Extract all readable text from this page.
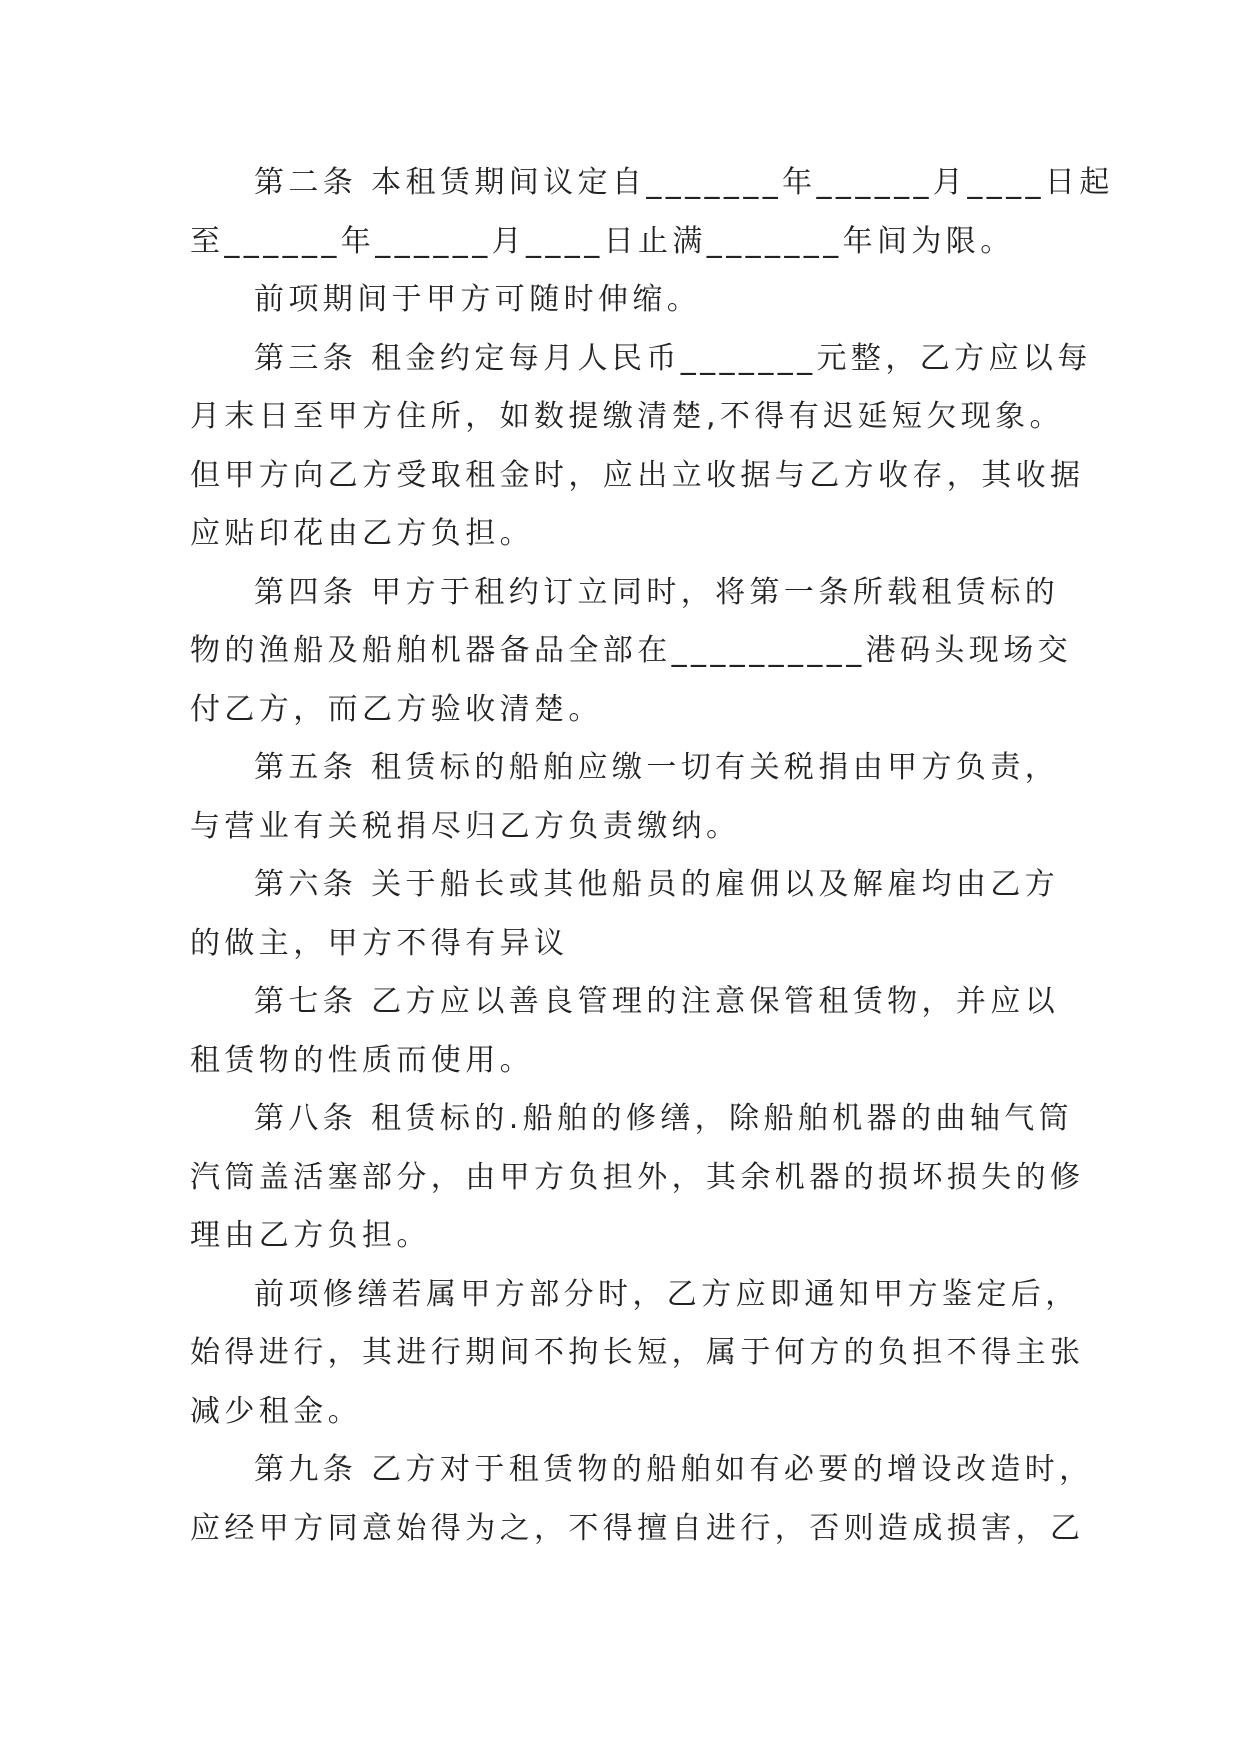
第二条 本租赁期间议定自_______年______月____日起
至______年______月____日止满_______年间为限。
前项期间于甲方可随时伸缩。
第三条 租金约定每月人民币_______元整，乙方应以每
月末日至甲方住所，如数提缴清楚,不得有迟延短欠现象。
但甲方向乙方受取租金时，应出立收据与乙方收存，其收据
应贴印花由乙方负担。
第四条 甲方于租约订立同时，将第一条所载租赁标的
物的渔船及船舶机器备品全部在__________港码头现场交
付乙方，而乙方验收清楚。
第五条 租赁标的船舶应缴一切有关税捐由甲方负责，
与营业有关税捐尽归乙方负责缴纳。
第六条 关于船长或其他船员的雇佣以及解雇均由乙方
的做主，甲方不得有异议
第七条 乙方应以善良管理的注意保管租赁物，并应以
租赁物的性质而使用。
第八条 租赁标的.船舶的修缮，除船舶机器的曲轴气筒
汽筒盖活塞部分，由甲方负担外，其余机器的损坏损失的修
理由乙方负担。
前项修缮若属甲方部分时，乙方应即通知甲方鉴定后，
始得进行，其进行期间不拘长短，属于何方的负担不得主张
减少租金。
第九条 乙方对于租赁物的船舶如有必要的增设改造时，
应经甲方同意始得为之，不得擅自进行，否则造成损害，乙
